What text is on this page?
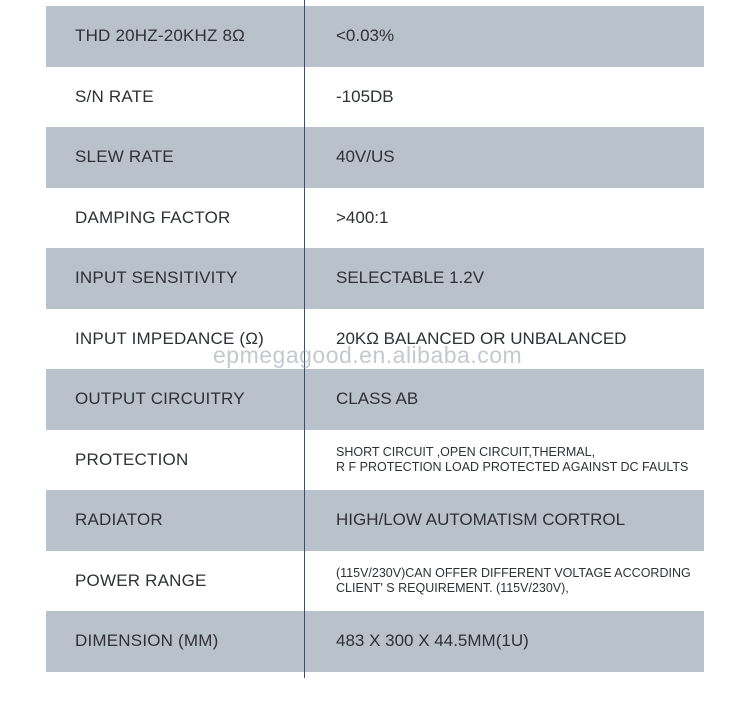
THD 20HZ-20KHZ 8Ω	<0.03%
S/N RATE	-105DB
SLEW RATE	40V/US
DAMPING FACTOR	>400:1
INPUT SENSITIVITY	SELECTABLE 1.2V
INPUT IMPEDANCE (Ω)	20KΩ BALANCED OR UNBALANCED
OUTPUT CIRCUITRY	CLASS AB
PROTECTION	SHORT CIRCUIT ,OPEN CIRCUIT,THERMAL,
R F PROTECTION LOAD PROTECTED AGAINST DC FAULTS
RADIATOR	HIGH/LOW AUTOMATISM CORTROL
POWER RANGE	(115V/230V)CAN OFFER DIFFERENT VOLTAGE ACCORDING
CLIENT' S REQUIREMENT. (115V/230V),
DIMENSION (MM)	483 X 300 X 44.5MM(1U)
epmegagood.en.alibaba.com
